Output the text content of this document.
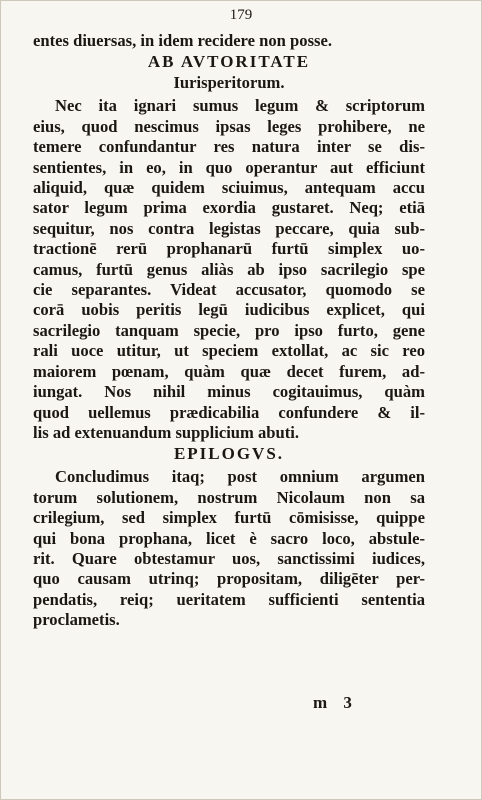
179
entes diuersas, in idem recidere non posse.
AB AVTORITATE
Iurisperitorum.
Nec ita ignari sumus legum & scriptorum
eius, quod nescimus ipsas leges prohibere, ne
temere confundantur res natura inter se dis-
sentientes, in eo, in quo operantur aut efficiunt
aliquid, quæ quidem sciuimus, antequam accu
sator legum prima exordia gustaret. Neq; etiā
sequitur, nos contra legistas peccare, quia sub-
tractionē rerū prophanarū furtū simplex uo-
camus, furtū genus aliàs ab ipso sacrilegio spe
cie separantes. Videat accusator, quomodo se
corā uobis peritis legū iudicibus explicet, qui
sacrilegio tanquam specie, pro ipso furto, gene
rali uoce utitur, ut speciem extollat, ac sic reo
maiorem pœnam, quàm quæ decet furem, ad-
iungat. Nos nihil minus cogitauimus, quàm
quod uellemus prædicabilia confundere & il-
lis ad extenuandum supplicium abuti.
EPILOGVS.
Concludimus itaq; post omnium argumen
torum solutionem, nostrum Nicolaum non sa
crilegium, sed simplex furtū cōmisisse, quippe
qui bona prophana, licet è sacro loco, abstule-
rit. Quare obtestamur uos, sanctissimi iudices,
quo causam utrinq; propositam, diligēter per-
pendatis, reiq; ueritatem sufficienti sententia
proclametis.
m 3
